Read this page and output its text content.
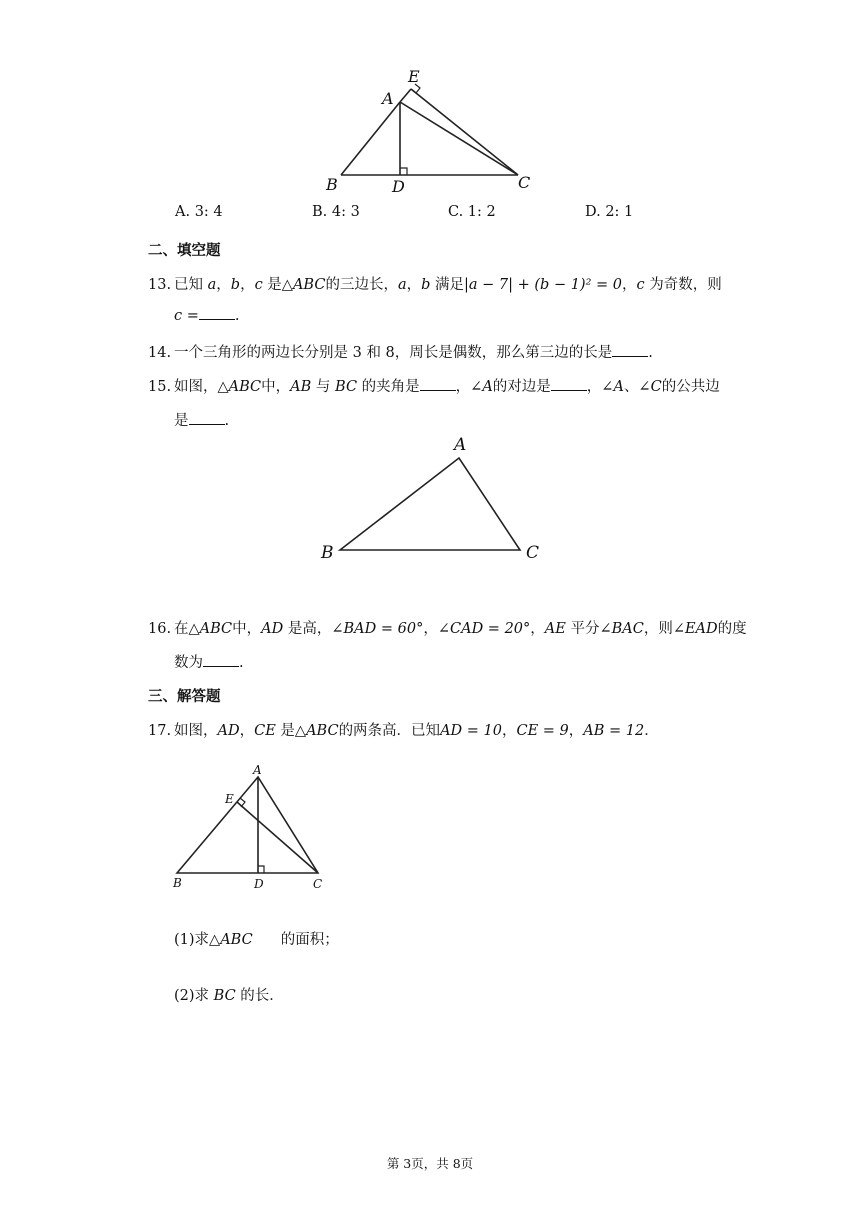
E
A
B	D	C
A. 3: 4	B. 4: 3	C. 1: 2	D. 2: 1
二、填空题
13. 已知 a，b，c 是△ABC的三边长，a，b 满足|a − 7| + (b − 1)² = 0，c 为奇数，则
c = .
14. 一个三角形的两边长分别是 3 和 8，周长是偶数，那么第三边的长是 .
15. 如图，△ABC中，AB 与 BC 的夹角是 ，∠A的对边是 ，∠A、∠C的公共边
是 .
A
B	C
16. 在△ABC中，AD 是高，∠BAD = 60°，∠CAD = 20°，AE 平分∠BAC，则∠EAD的度
数为 .
三、解答题
17. 如图，AD，CE 是△ABC的两条高．已知AD = 10，CE = 9，AB = 12．
A
E
B	D	C
(1)求△ABC 的面积；
(2)求 BC 的长．
第 3页，共 8页
